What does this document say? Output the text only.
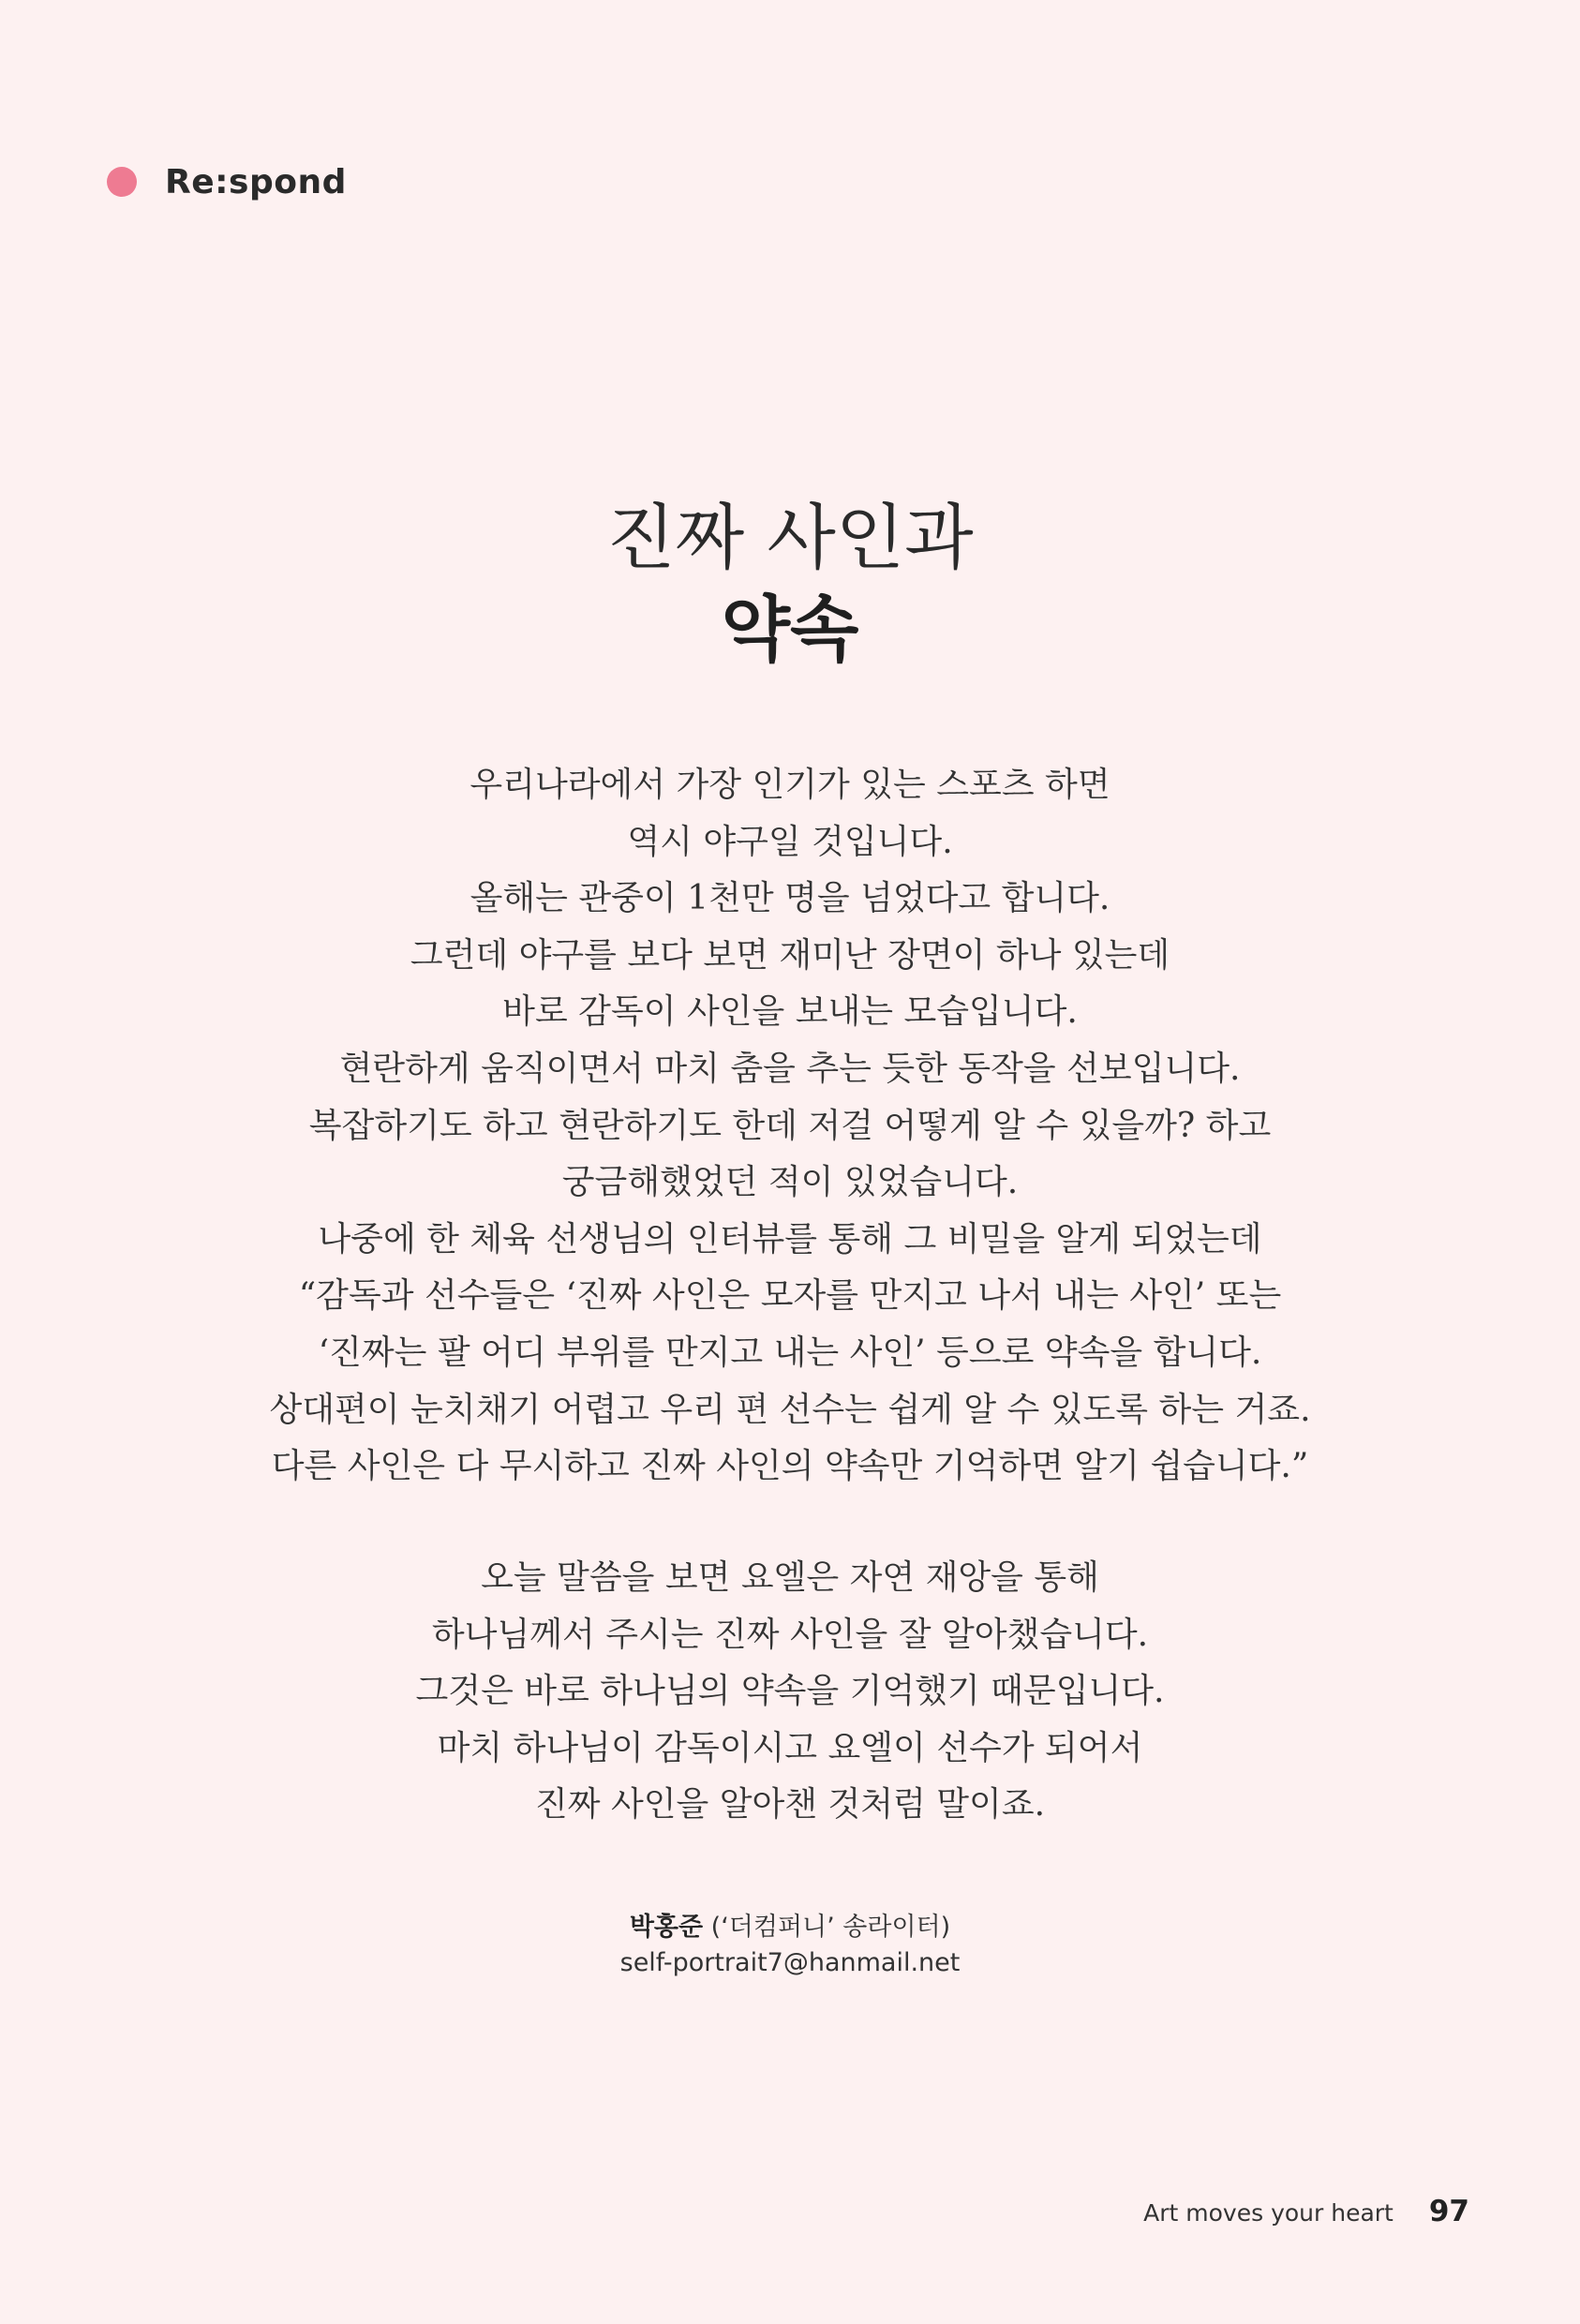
Re:spond
진짜 사인과
약속

우리나라에서 가장 인기가 있는 스포츠 하면
역시 야구일 것입니다.
올해는 관중이 1천만 명을 넘었다고 합니다.
그런데 야구를 보다 보면 재미난 장면이 하나 있는데
바로 감독이 사인을 보내는 모습입니다.
현란하게 움직이면서 마치 춤을 추는 듯한 동작을 선보입니다.
복잡하기도 하고 현란하기도 한데 저걸 어떻게 알 수 있을까? 하고
궁금해했었던 적이 있었습니다.
나중에 한 체육 선생님의 인터뷰를 통해 그 비밀을 알게 되었는데
“감독과 선수들은 ‘진짜 사인은 모자를 만지고 나서 내는 사인’ 또는
‘진짜는 팔 어디 부위를 만지고 내는 사인’ 등으로 약속을 합니다.
상대편이 눈치채기 어렵고 우리 편 선수는 쉽게 알 수 있도록 하는 거죠.
다른 사인은 다 무시하고 진짜 사인의 약속만 기억하면 알기 쉽습니다.”

오늘 말씀을 보면 요엘은 자연 재앙을 통해
하나님께서 주시는 진짜 사인을 잘 알아챘습니다.
그것은 바로 하나님의 약속을 기억했기 때문입니다.
마치 하나님이 감독이시고 요엘이 선수가 되어서
진짜 사인을 알아챈 것처럼 말이죠.

박홍준 (‘더컴퍼니’ 송라이터)
self-portrait7@hanmail.net
Art moves your heart 97
